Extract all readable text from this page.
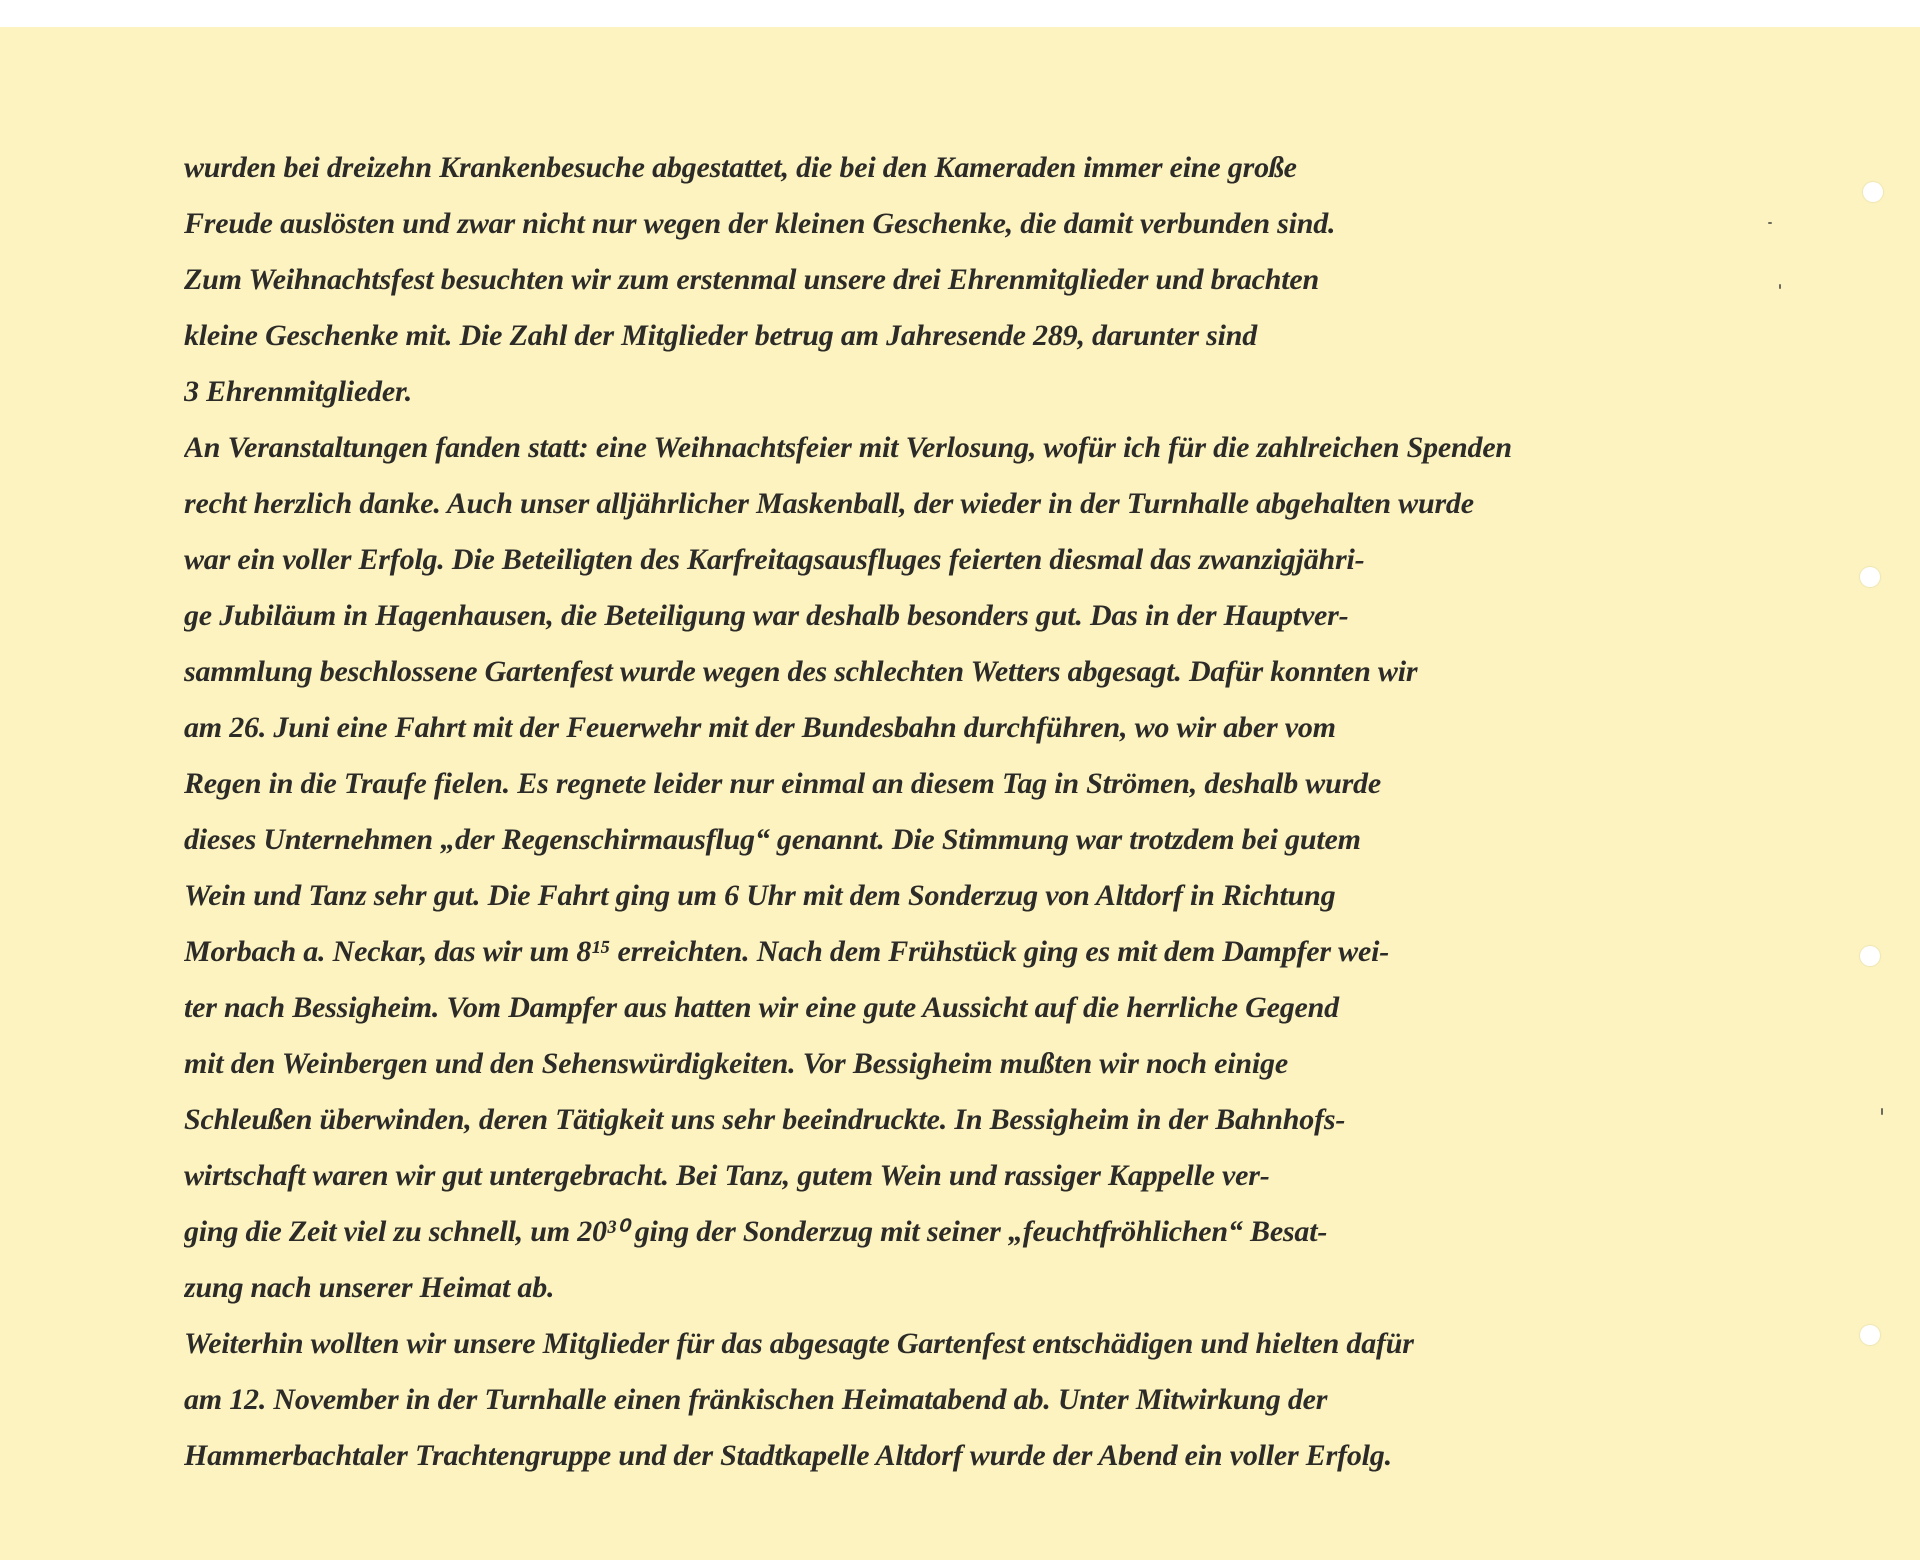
wurden bei dreizehn Krankenbesuche abgestattet, die bei den Kameraden immer eine große
Freude auslösten und zwar nicht nur wegen der kleinen Geschenke, die damit verbunden sind.
Zum Weihnachtsfest besuchten wir zum erstenmal unsere drei Ehrenmitglieder und brachten
kleine Geschenke mit. Die Zahl der Mitglieder betrug am Jahresende 289, darunter sind
3 Ehrenmitglieder.
An Veranstaltungen fanden statt: eine Weihnachtsfeier mit Verlosung, wofür ich für die zahlreichen Spenden
recht herzlich danke. Auch unser alljährlicher Maskenball, der wieder in der Turnhalle abgehalten wurde
war ein voller Erfolg. Die Beteiligten des Karfreitagsausfluges feierten diesmal das zwanzigjähri-
ge Jubiläum in Hagenhausen, die Beteiligung war deshalb besonders gut. Das in der Hauptver-
sammlung beschlossene Gartenfest wurde wegen des schlechten Wetters abgesagt. Dafür konnten wir
am 26. Juni eine Fahrt mit der Feuerwehr mit der Bundesbahn durchführen, wo wir aber vom
Regen in die Traufe fielen. Es regnete leider nur einmal an diesem Tag in Strömen, deshalb wurde
dieses Unternehmen „der Regenschirmausflug“ genannt. Die Stimmung war trotzdem bei gutem
Wein und Tanz sehr gut. Die Fahrt ging um 6 Uhr mit dem Sonderzug von Altdorf in Richtung
Morbach a. Neckar, das wir um 8¹⁵ erreichten. Nach dem Frühstück ging es mit dem Dampfer wei-
ter nach Bessigheim. Vom Dampfer aus hatten wir eine gute Aussicht auf die herrliche Gegend
mit den Weinbergen und den Sehenswürdigkeiten. Vor Bessigheim mußten wir noch einige
Schleußen überwinden, deren Tätigkeit uns sehr beeindruckte. In Bessigheim in der Bahnhofs-
wirtschaft waren wir gut untergebracht. Bei Tanz, gutem Wein und rassiger Kappelle ver-
ging die Zeit viel zu schnell, um 20³⁰ ging der Sonderzug mit seiner „feuchtfröhlichen“ Besat-
zung nach unserer Heimat ab.
Weiterhin wollten wir unsere Mitglieder für das abgesagte Gartenfest entschädigen und hielten dafür
am 12. November in der Turnhalle einen fränkischen Heimatabend ab. Unter Mitwirkung der
Hammerbachtaler Trachtengruppe und der Stadtkapelle Altdorf wurde der Abend ein voller Erfolg.
